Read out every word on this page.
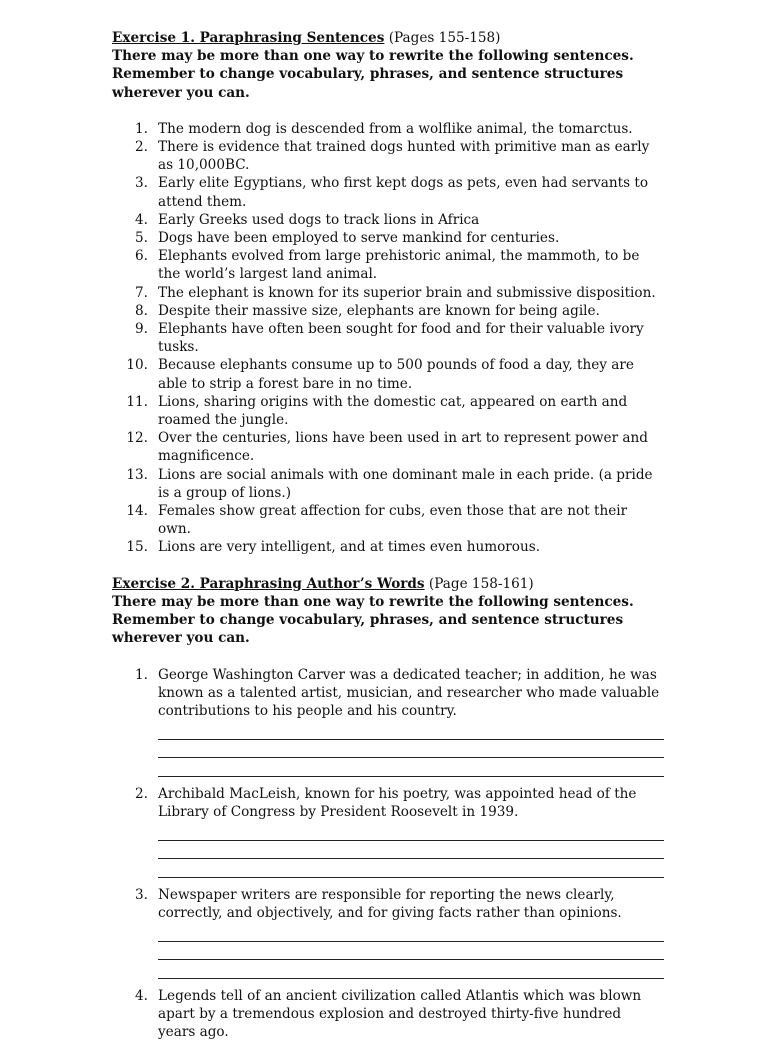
Exercise 1. Paraphrasing Sentences (Pages 155-158)

There may be more than one way to rewrite the following sentences. Remember to change vocabulary, phrases, and sentence structures wherever you can.

1. The modern dog is descended from a wolflike animal, the tomarctus.
2. There is evidence that trained dogs hunted with primitive man as early as 10,000BC.
3. Early elite Egyptians, who first kept dogs as pets, even had servants to attend them.
4. Early Greeks used dogs to track lions in Africa
5. Dogs have been employed to serve mankind for centuries.
6. Elephants evolved from large prehistoric animal, the mammoth, to be the world’s largest land animal.
7. The elephant is known for its superior brain and submissive disposition.
8. Despite their massive size, elephants are known for being agile.
9. Elephants have often been sought for food and for their valuable ivory tusks.
10. Because elephants consume up to 500 pounds of food a day, they are able to strip a forest bare in no time.
11. Lions, sharing origins with the domestic cat, appeared on earth and roamed the jungle.
12. Over the centuries, lions have been used in art to represent power and magnificence.
13. Lions are social animals with one dominant male in each pride. (a pride is a group of lions.)
14. Females show great affection for cubs, even those that are not their own.
15. Lions are very intelligent, and at times even humorous.

Exercise 2. Paraphrasing Author’s Words (Page 158-161)

There may be more than one way to rewrite the following sentences. Remember to change vocabulary, phrases, and sentence structures wherever you can.

1. George Washington Carver was a dedicated teacher; in addition, he was known as a talented artist, musician, and researcher who made valuable contributions to his people and his country.
2. Archibald MacLeish, known for his poetry, was appointed head of the Library of Congress by President Roosevelt in 1939.
3. Newspaper writers are responsible for reporting the news clearly, correctly, and objectively, and for giving facts rather than opinions.
4. Legends tell of an ancient civilization called Atlantis which was blown apart by a tremendous explosion and destroyed thirty-five hundred years ago.
